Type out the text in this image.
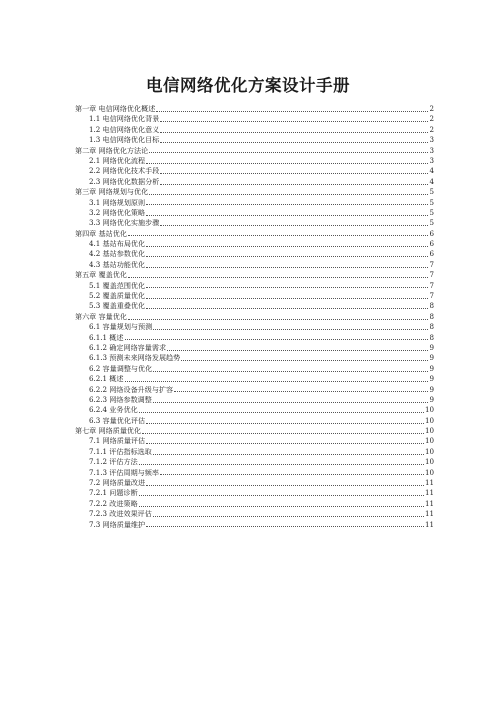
电信网络优化方案设计手册
第一章 电信网络优化概述	2
1.1 电信网络优化背景	2
1.2 电信网络优化意义	2
1.3 电信网络优化目标	3
第二章 网络优化方法论	3
2.1 网络优化流程	3
2.2 网络优化技术手段	4
2.3 网络优化数据分析	4
第三章 网络规划与优化	5
3.1 网络规划原则	5
3.2 网络优化策略	5
3.3 网络优化实施步骤	5
第四章 基站优化	6
4.1 基站布局优化	6
4.2 基站参数优化	6
4.3 基站功能优化	7
第五章 覆盖优化	7
5.1 覆盖范围优化	7
5.2 覆盖质量优化	7
5.3 覆盖重叠优化	8
第六章 容量优化	8
6.1 容量规划与预测	8
6.1.1 概述	8
6.1.2 确定网络容量需求	9
6.1.3 预测未来网络发展趋势	9
6.2 容量调整与优化	9
6.2.1 概述	9
6.2.2 网络设备升级与扩容	9
6.2.3 网络参数调整	9
6.2.4 业务优化	10
6.3 容量优化评估	10
第七章 网络质量优化	10
7.1 网络质量评估	10
7.1.1 评估指标选取	10
7.1.2 评估方法	10
7.1.3 评估周期与频率	10
7.2 网络质量改进	11
7.2.1 问题诊断	11
7.2.2 改进策略	11
7.2.3 改进效果评估	11
7.3 网络质量维护	11
